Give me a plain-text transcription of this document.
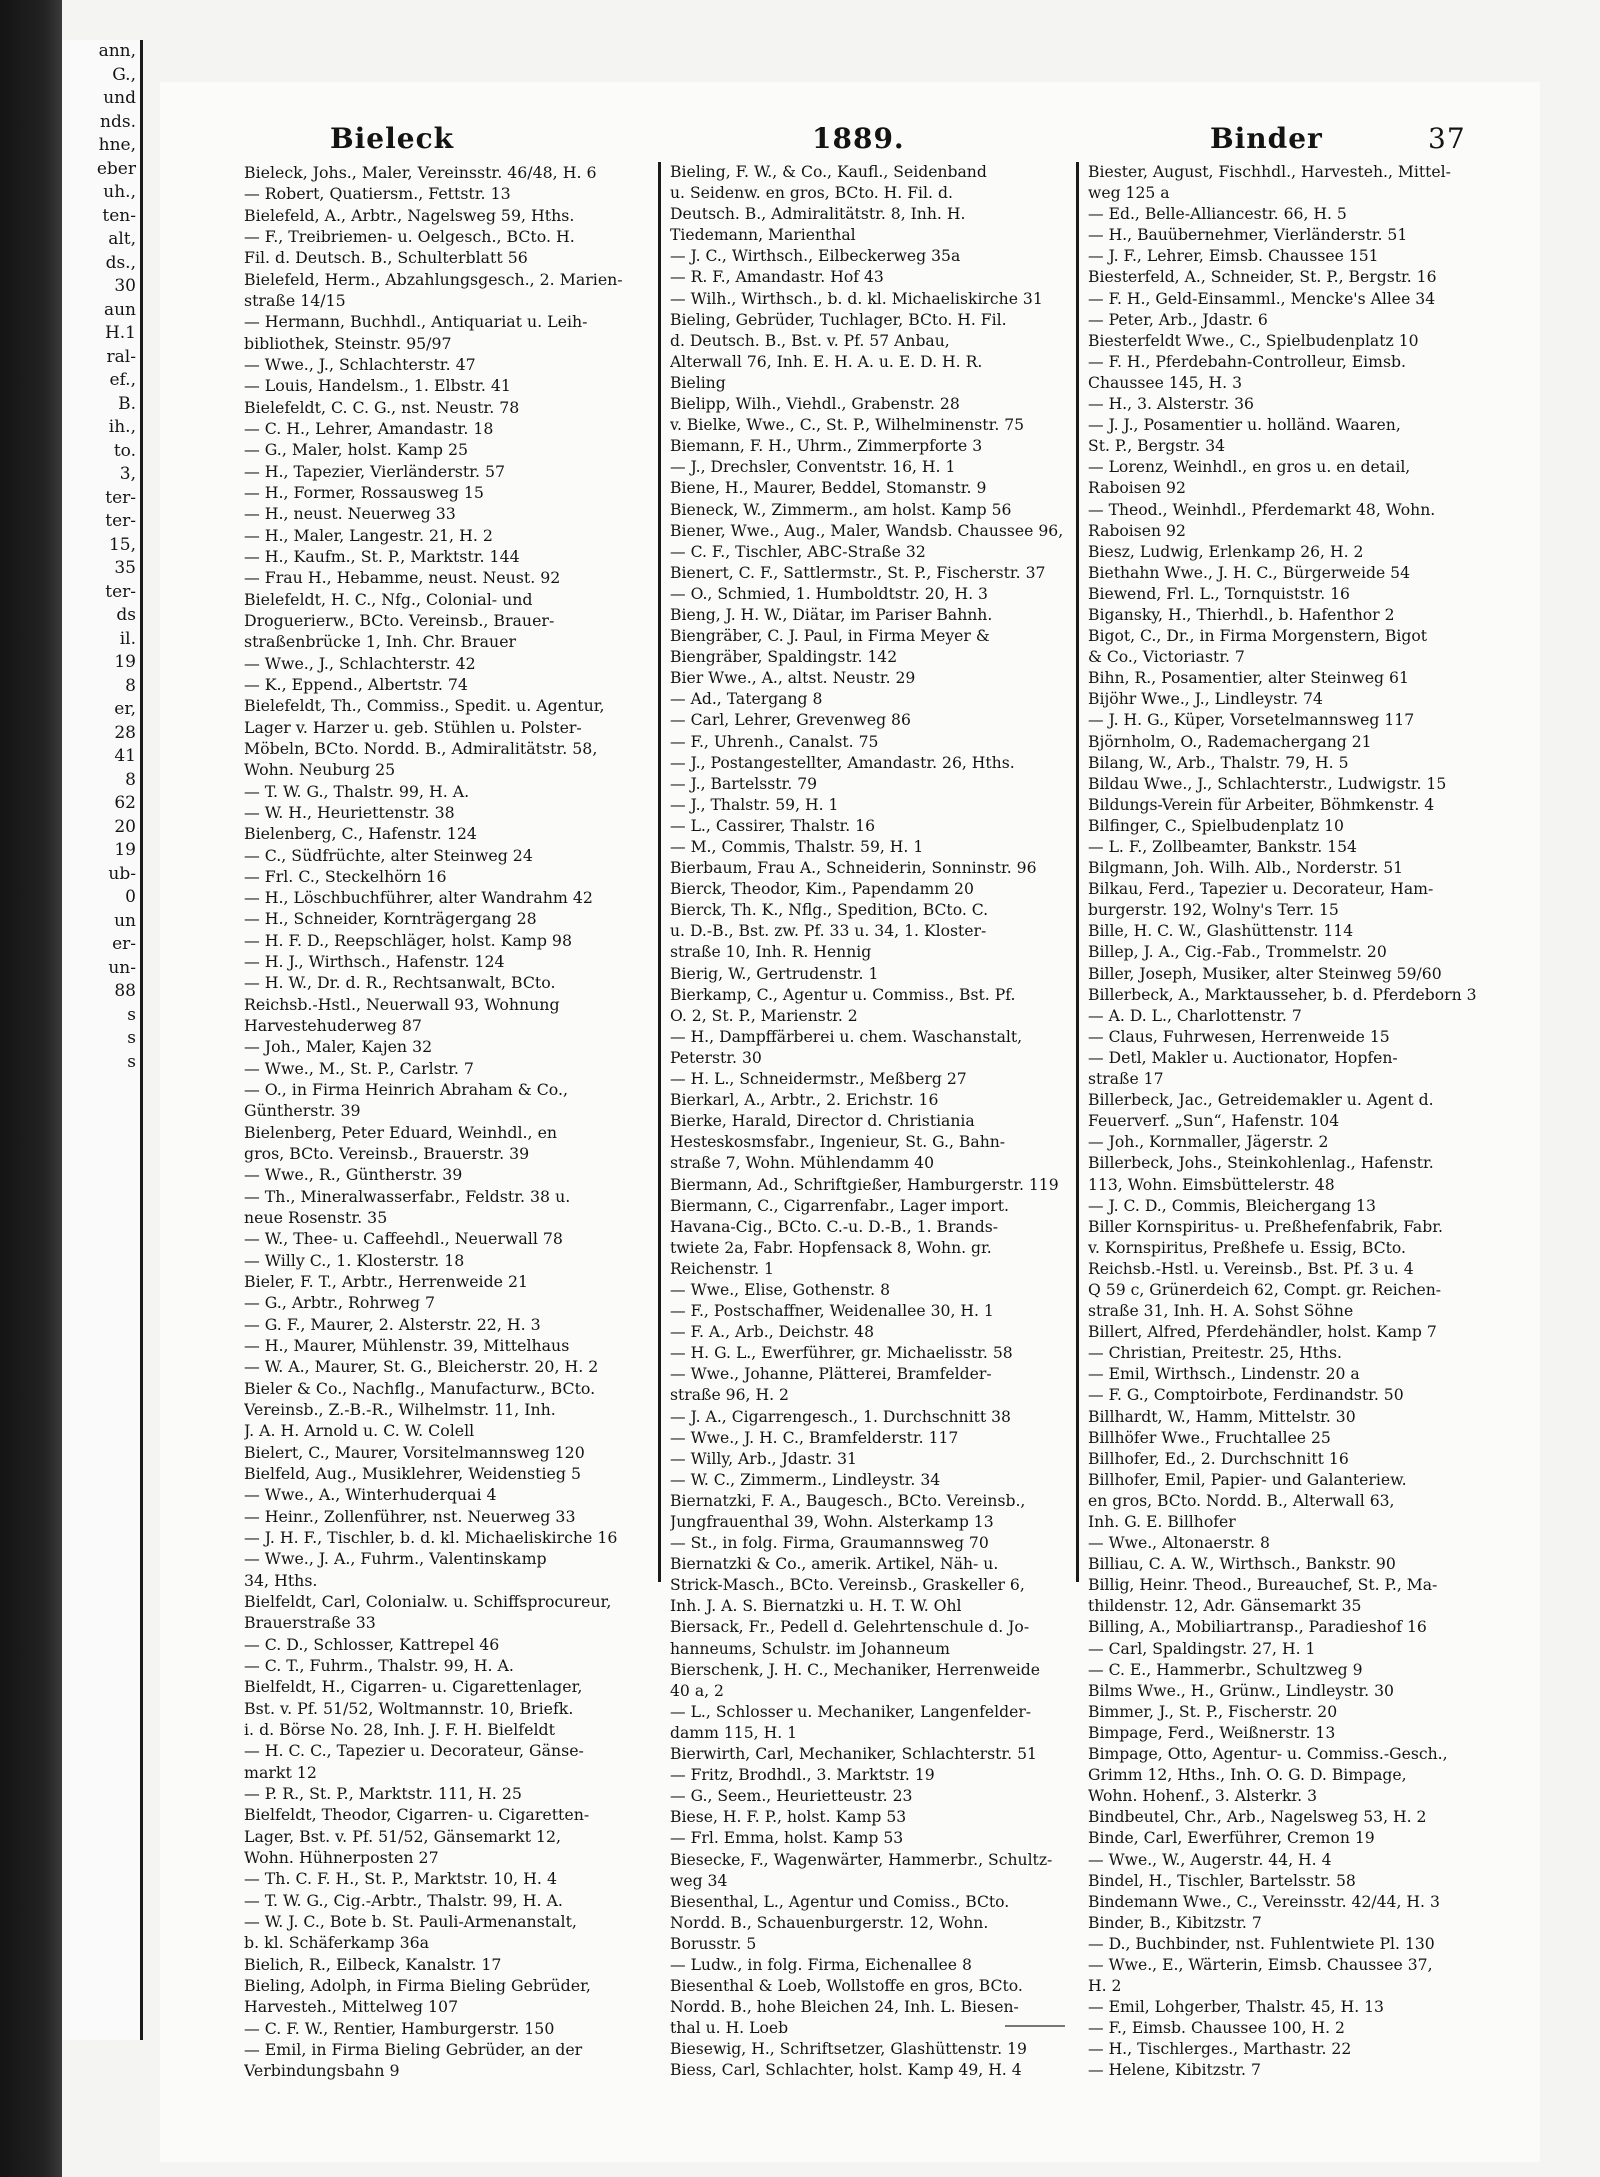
ann,
G.,
und
nds.
hne,
eber
uh.,
ten-
alt,
ds.,
30
aun
H.1
ral-
ef.,
B.
ih.,
to.
3,
ter-
ter-
15,
35
ter-
ds
il.
19
8
er,
28
41
8
62
20
19
ub-
0
un
er-
un-
88
s
s
s
Bieleck	1889.	Binder	37
Bieleck, Johs., Maler, Vereinsstr. 46/48, H. 6
— Robert, Quatiersm., Fettstr. 13
Bielefeld, A., Arbtr., Nagelsweg 59, Hths.
— F., Treibriemen- u. Oelgesch., BCto. H.
Fil. d. Deutsch. B., Schulterblatt 56
Bielefeld, Herm., Abzahlungsgesch., 2. Marien-
straße 14/15
— Hermann, Buchhdl., Antiquariat u. Leih-
bibliothek, Steinstr. 95/97
— Wwe., J., Schlachterstr. 47
— Louis, Handelsm., 1. Elbstr. 41
Bielefeldt, C. C. G., nst. Neustr. 78
— C. H., Lehrer, Amandastr. 18
— G., Maler, holst. Kamp 25
— H., Tapezier, Vierländerstr. 57
— H., Former, Rossausweg 15
— H., neust. Neuerweg 33
— H., Maler, Langestr. 21, H. 2
— H., Kaufm., St. P., Marktstr. 144
— Frau H., Hebamme, neust. Neust. 92
Bielefeldt, H. C., Nfg., Colonial- und
Droguerierw., BCto. Vereinsb., Brauer-
straßenbrücke 1, Inh. Chr. Brauer
— Wwe., J., Schlachterstr. 42
— K., Eppend., Albertstr. 74
Bielefeldt, Th., Commiss., Spedit. u. Agentur,
Lager v. Harzer u. geb. Stühlen u. Polster-
Möbeln, BCto. Nordd. B., Admiralitätstr. 58,
Wohn. Neuburg 25
— T. W. G., Thalstr. 99, H. A.
— W. H., Heuriettenstr. 38
Bielenberg, C., Hafenstr. 124
— C., Südfrüchte, alter Steinweg 24
— Frl. C., Steckelhörn 16
— H., Löschbuchführer, alter Wandrahm 42
— H., Schneider, Kornträgergang 28
— H. F. D., Reepschläger, holst. Kamp 98
— H. J., Wirthsch., Hafenstr. 124
— H. W., Dr. d. R., Rechtsanwalt, BCto.
Reichsb.-Hstl., Neuerwall 93, Wohnung
Harvestehuderweg 87
— Joh., Maler, Kajen 32
— Wwe., M., St. P., Carlstr. 7
— O., in Firma Heinrich Abraham & Co.,
Güntherstr. 39
Bielenberg, Peter Eduard, Weinhdl., en
gros, BCto. Vereinsb., Brauerstr. 39
— Wwe., R., Güntherstr. 39
— Th., Mineralwasserfabr., Feldstr. 38 u.
neue Rosenstr. 35
— W., Thee- u. Caffeehdl., Neuerwall 78
— Willy C., 1. Klosterstr. 18
Bieler, F. T., Arbtr., Herrenweide 21
— G., Arbtr., Rohrweg 7
— G. F., Maurer, 2. Alsterstr. 22, H. 3
— H., Maurer, Mühlenstr. 39, Mittelhaus
— W. A., Maurer, St. G., Bleicherstr. 20, H. 2
Bieler & Co., Nachflg., Manufacturw., BCto.
Vereinsb., Z.-B.-R., Wilhelmstr. 11, Inh.
J. A. H. Arnold u. C. W. Colell
Bielert, C., Maurer, Vorsitelmannsweg 120
Bielfeld, Aug., Musiklehrer, Weidenstieg 5
— Wwe., A., Winterhuderquai 4
— Heinr., Zollenführer, nst. Neuerweg 33
— J. H. F., Tischler, b. d. kl. Michaeliskirche 16
— Wwe., J. A., Fuhrm., Valentinskamp
34, Hths.
Bielfeldt, Carl, Colonialw. u. Schiffsprocureur,
Brauerstraße 33
— C. D., Schlosser, Kattrepel 46
— C. T., Fuhrm., Thalstr. 99, H. A.
Bielfeldt, H., Cigarren- u. Cigarettenlager,
Bst. v. Pf. 51/52, Woltmannstr. 10, Briefk.
i. d. Börse No. 28, Inh. J. F. H. Bielfeldt
— H. C. C., Tapezier u. Decorateur, Gänse-
markt 12
— P. R., St. P., Marktstr. 111, H. 25
Bielfeldt, Theodor, Cigarren- u. Cigaretten-
Lager, Bst. v. Pf. 51/52, Gänsemarkt 12,
Wohn. Hühnerposten 27
— Th. C. F. H., St. P., Marktstr. 10, H. 4
— T. W. G., Cig.-Arbtr., Thalstr. 99, H. A.
— W. J. C., Bote b. St. Pauli-Armenanstalt,
b. kl. Schäferkamp 36a
Bielich, R., Eilbeck, Kanalstr. 17
Bieling, Adolph, in Firma Bieling Gebrüder,
Harvesteh., Mittelweg 107
— C. F. W., Rentier, Hamburgerstr. 150
— Emil, in Firma Bieling Gebrüder, an der
Verbindungsbahn 9
Bieling, F. W., & Co., Kaufl., Seidenband
u. Seidenw. en gros, BCto. H. Fil. d.
Deutsch. B., Admiralitätstr. 8, Inh. H.
Tiedemann, Marienthal
— J. C., Wirthsch., Eilbeckerweg 35a
— R. F., Amandastr. Hof 43
— Wilh., Wirthsch., b. d. kl. Michaeliskirche 31
Bieling, Gebrüder, Tuchlager, BCto. H. Fil.
d. Deutsch. B., Bst. v. Pf. 57 Anbau,
Alterwall 76, Inh. E. H. A. u. E. D. H. R.
Bieling
Bielipp, Wilh., Viehdl., Grabenstr. 28
v. Bielke, Wwe., C., St. P., Wilhelminenstr. 75
Biemann, F. H., Uhrm., Zimmerpforte 3
— J., Drechsler, Conventstr. 16, H. 1
Biene, H., Maurer, Beddel, Stomanstr. 9
Bieneck, W., Zimmerm., am holst. Kamp 56
Biener, Wwe., Aug., Maler, Wandsb. Chaussee 96,
— C. F., Tischler, ABC-Straße 32
Bienert, C. F., Sattlermstr., St. P., Fischerstr. 37
— O., Schmied, 1. Humboldtstr. 20, H. 3
Bieng, J. H. W., Diätar, im Pariser Bahnh.
Biengräber, C. J. Paul, in Firma Meyer &
Biengräber, Spaldingstr. 142
Bier Wwe., A., altst. Neustr. 29
— Ad., Tatergang 8
— Carl, Lehrer, Grevenweg 86
— F., Uhrenh., Canalst. 75
— J., Postangestellter, Amandastr. 26, Hths.
— J., Bartelsstr. 79
— J., Thalstr. 59, H. 1
— L., Cassirer, Thalstr. 16
— M., Commis, Thalstr. 59, H. 1
Bierbaum, Frau A., Schneiderin, Sonninstr. 96
Bierck, Theodor, Kim., Papendamm 20
Bierck, Th. K., Nflg., Spedition, BCto. C.
u. D.-B., Bst. zw. Pf. 33 u. 34, 1. Kloster-
straße 10, Inh. R. Hennig
Bierig, W., Gertrudenstr. 1
Bierkamp, C., Agentur u. Commiss., Bst. Pf.
O. 2, St. P., Marienstr. 2
— H., Dampffärberei u. chem. Waschanstalt,
Peterstr. 30
— H. L., Schneidermstr., Meßberg 27
Bierkarl, A., Arbtr., 2. Erichstr. 16
Bierke, Harald, Director d. Christiania
Hesteskosmsfabr., Ingenieur, St. G., Bahn-
straße 7, Wohn. Mühlendamm 40
Biermann, Ad., Schriftgießer, Hamburgerstr. 119
Biermann, C., Cigarrenfabr., Lager import.
Havana-Cig., BCto. C.-u. D.-B., 1. Brands-
twiete 2a, Fabr. Hopfensack 8, Wohn. gr.
Reichenstr. 1
— Wwe., Elise, Gothenstr. 8
— F., Postschaffner, Weidenallee 30, H. 1
— F. A., Arb., Deichstr. 48
— H. G. L., Ewerführer, gr. Michaelisstr. 58
— Wwe., Johanne, Plätterei, Bramfelder-
straße 96, H. 2
— J. A., Cigarrengesch., 1. Durchschnitt 38
— Wwe., J. H. C., Bramfelderstr. 117
— Willy, Arb., Jdastr. 31
— W. C., Zimmerm., Lindleystr. 34
Biernatzki, F. A., Baugesch., BCto. Vereinsb.,
Jungfrauenthal 39, Wohn. Alsterkamp 13
— St., in folg. Firma, Graumannsweg 70
Biernatzki & Co., amerik. Artikel, Näh- u.
Strick-Masch., BCto. Vereinsb., Graskeller 6,
Inh. J. A. S. Biernatzki u. H. T. W. Ohl
Biersack, Fr., Pedell d. Gelehrtenschule d. Jo-
hanneums, Schulstr. im Johanneum
Bierschenk, J. H. C., Mechaniker, Herrenweide
40 a, 2
— L., Schlosser u. Mechaniker, Langenfelder-
damm 115, H. 1
Bierwirth, Carl, Mechaniker, Schlachterstr. 51
— Fritz, Brodhdl., 3. Marktstr. 19
— G., Seem., Heurietteustr. 23
Biese, H. F. P., holst. Kamp 53
— Frl. Emma, holst. Kamp 53
Biesecke, F., Wagenwärter, Hammerbr., Schultz-
weg 34
Biesenthal, L., Agentur und Comiss., BCto.
Nordd. B., Schauenburgerstr. 12, Wohn.
Borusstr. 5
— Ludw., in folg. Firma, Eichenallee 8
Biesenthal & Loeb, Wollstoffe en gros, BCto.
Nordd. B., hohe Bleichen 24, Inh. L. Biesen-
thal u. H. Loeb
Biesewig, H., Schriftsetzer, Glashüttenstr. 19
Biess, Carl, Schlachter, holst. Kamp 49, H. 4
Biester, August, Fischhdl., Harvesteh., Mittel-
weg 125 a
— Ed., Belle-Alliancestr. 66, H. 5
— H., Bauübernehmer, Vierländerstr. 51
— J. F., Lehrer, Eimsb. Chaussee 151
Biesterfeld, A., Schneider, St. P., Bergstr. 16
— F. H., Geld-Einsamml., Mencke's Allee 34
— Peter, Arb., Jdastr. 6
Biesterfeldt Wwe., C., Spielbudenplatz 10
— F. H., Pferdebahn-Controlleur, Eimsb.
Chaussee 145, H. 3
— H., 3. Alsterstr. 36
— J. J., Posamentier u. holländ. Waaren,
St. P., Bergstr. 34
— Lorenz, Weinhdl., en gros u. en detail,
Raboisen 92
— Theod., Weinhdl., Pferdemarkt 48, Wohn.
Raboisen 92
Biesz, Ludwig, Erlenkamp 26, H. 2
Biethahn Wwe., J. H. C., Bürgerweide 54
Biewend, Frl. L., Tornquiststr. 16
Bigansky, H., Thierhdl., b. Hafenthor 2
Bigot, C., Dr., in Firma Morgenstern, Bigot
& Co., Victoriastr. 7
Bihn, R., Posamentier, alter Steinweg 61
Bijöhr Wwe., J., Lindleystr. 74
— J. H. G., Küper, Vorsetelmannsweg 117
Björnholm, O., Rademachergang 21
Bilang, W., Arb., Thalstr. 79, H. 5
Bildau Wwe., J., Schlachterstr., Ludwigstr. 15
Bildungs-Verein für Arbeiter, Böhmkenstr. 4
Bilfinger, C., Spielbudenplatz 10
— L. F., Zollbeamter, Bankstr. 154
Bilgmann, Joh. Wilh. Alb., Norderstr. 51
Bilkau, Ferd., Tapezier u. Decorateur, Ham-
burgerstr. 192, Wolny's Terr. 15
Bille, H. C. W., Glashüttenstr. 114
Billep, J. A., Cig.-Fab., Trommelstr. 20
Biller, Joseph, Musiker, alter Steinweg 59/60
Billerbeck, A., Marktausseher, b. d. Pferdeborn 3
— A. D. L., Charlottenstr. 7
— Claus, Fuhrwesen, Herrenweide 15
— Detl, Makler u. Auctionator, Hopfen-
straße 17
Billerbeck, Jac., Getreidemakler u. Agent d.
Feuerverf. „Sun“, Hafenstr. 104
— Joh., Kornmaller, Jägerstr. 2
Billerbeck, Johs., Steinkohlenlag., Hafenstr.
113, Wohn. Eimsbüttelerstr. 48
— J. C. D., Commis, Bleichergang 13
Biller Kornspiritus- u. Preßhefenfabrik, Fabr.
v. Kornspiritus, Preßhefe u. Essig, BCto.
Reichsb.-Hstl. u. Vereinsb., Bst. Pf. 3 u. 4
Q 59 c, Grünerdeich 62, Compt. gr. Reichen-
straße 31, Inh. H. A. Sohst Söhne
Billert, Alfred, Pferdehändler, holst. Kamp 7
— Christian, Preitestr. 25, Hths.
— Emil, Wirthsch., Lindenstr. 20 a
— F. G., Comptoirbote, Ferdinandstr. 50
Billhardt, W., Hamm, Mittelstr. 30
Billhöfer Wwe., Fruchtallee 25
Billhofer, Ed., 2. Durchschnitt 16
Billhofer, Emil, Papier- und Galanteriew.
en gros, BCto. Nordd. B., Alterwall 63,
Inh. G. E. Billhofer
— Wwe., Altonaerstr. 8
Billiau, C. A. W., Wirthsch., Bankstr. 90
Billig, Heinr. Theod., Bureauchef, St. P., Ma-
thildenstr. 12, Adr. Gänsemarkt 35
Billing, A., Mobiliartransp., Paradieshof 16
— Carl, Spaldingstr. 27, H. 1
— C. E., Hammerbr., Schultzweg 9
Bilms Wwe., H., Grünw., Lindleystr. 30
Bimmer, J., St. P., Fischerstr. 20
Bimpage, Ferd., Weißnerstr. 13
Bimpage, Otto, Agentur- u. Commiss.-Gesch.,
Grimm 12, Hths., Inh. O. G. D. Bimpage,
Wohn. Hohenf., 3. Alsterkr. 3
Bindbeutel, Chr., Arb., Nagelsweg 53, H. 2
Binde, Carl, Ewerführer, Cremon 19
— Wwe., W., Augerstr. 44, H. 4
Bindel, H., Tischler, Bartelsstr. 58
Bindemann Wwe., C., Vereinsstr. 42/44, H. 3
Binder, B., Kibitzstr. 7
— D., Buchbinder, nst. Fuhlentwiete Pl. 130
— Wwe., E., Wärterin, Eimsb. Chaussee 37,
H. 2
— Emil, Lohgerber, Thalstr. 45, H. 13
— F., Eimsb. Chaussee 100, H. 2
— H., Tischlerges., Marthastr. 22
— Helene, Kibitzstr. 7
